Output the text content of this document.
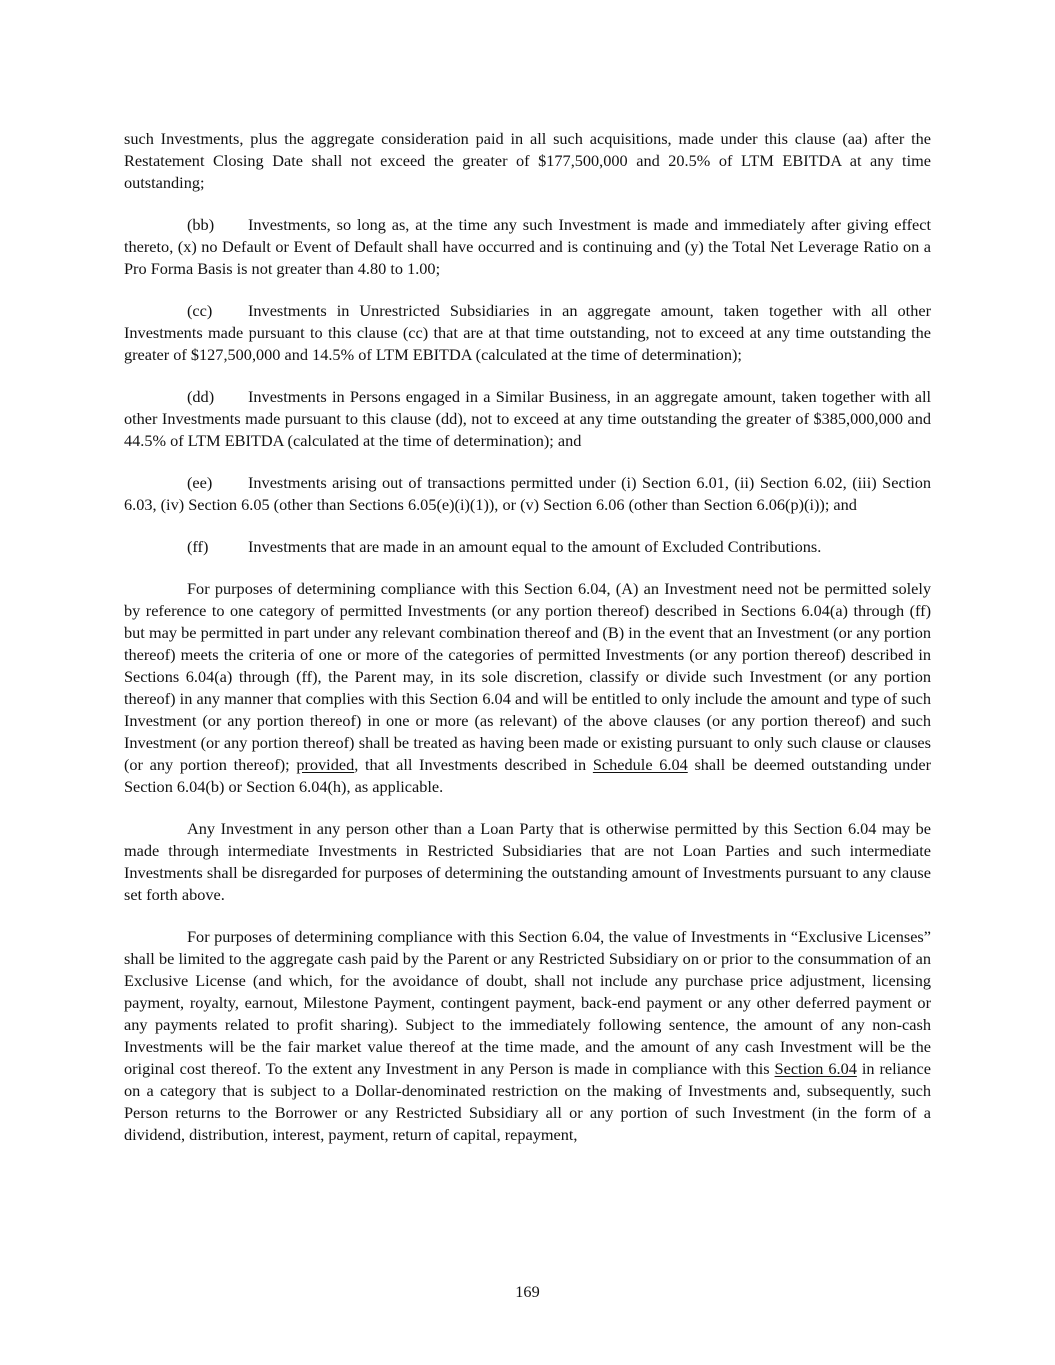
such Investments, plus the aggregate consideration paid in all such acquisitions, made under this clause (aa) after the Restatement Closing Date shall not exceed the greater of $177,500,000 and 20.5% of LTM EBITDA at any time outstanding;

(bb) Investments, so long as, at the time any such Investment is made and immediately after giving effect thereto, (x) no Default or Event of Default shall have occurred and is continuing and (y) the Total Net Leverage Ratio on a Pro Forma Basis is not greater than 4.80 to 1.00;

(cc) Investments in Unrestricted Subsidiaries in an aggregate amount, taken together with all other Investments made pursuant to this clause (cc) that are at that time outstanding, not to exceed at any time outstanding the greater of $127,500,000 and 14.5% of LTM EBITDA (calculated at the time of determination);

(dd) Investments in Persons engaged in a Similar Business, in an aggregate amount, taken together with all other Investments made pursuant to this clause (dd), not to exceed at any time outstanding the greater of $385,000,000 and 44.5% of LTM EBITDA (calculated at the time of determination); and

(ee) Investments arising out of transactions permitted under (i) Section 6.01, (ii) Section 6.02, (iii) Section 6.03, (iv) Section 6.05 (other than Sections 6.05(e)(i)(1)), or (v) Section 6.06 (other than Section 6.06(p)(i)); and

(ff) Investments that are made in an amount equal to the amount of Excluded Contributions.

For purposes of determining compliance with this Section 6.04, (A) an Investment need not be permitted solely by reference to one category of permitted Investments (or any portion thereof) described in Sections 6.04(a) through (ff) but may be permitted in part under any relevant combination thereof and (B) in the event that an Investment (or any portion thereof) meets the criteria of one or more of the categories of permitted Investments (or any portion thereof) described in Sections 6.04(a) through (ff), the Parent may, in its sole discretion, classify or divide such Investment (or any portion thereof) in any manner that complies with this Section 6.04 and will be entitled to only include the amount and type of such Investment (or any portion thereof) in one or more (as relevant) of the above clauses (or any portion thereof) and such Investment (or any portion thereof) shall be treated as having been made or existing pursuant to only such clause or clauses (or any portion thereof); provided, that all Investments described in Schedule 6.04 shall be deemed outstanding under Section 6.04(b) or Section 6.04(h), as applicable.

Any Investment in any person other than a Loan Party that is otherwise permitted by this Section 6.04 may be made through intermediate Investments in Restricted Subsidiaries that are not Loan Parties and such intermediate Investments shall be disregarded for purposes of determining the outstanding amount of Investments pursuant to any clause set forth above.

For purposes of determining compliance with this Section 6.04, the value of Investments in “Exclusive Licenses” shall be limited to the aggregate cash paid by the Parent or any Restricted Subsidiary on or prior to the consummation of an Exclusive License (and which, for the avoidance of doubt, shall not include any purchase price adjustment, licensing payment, royalty, earnout, Milestone Payment, contingent payment, back-end payment or any other deferred payment or any payments related to profit sharing). Subject to the immediately following sentence, the amount of any non-cash Investments will be the fair market value thereof at the time made, and the amount of any cash Investment will be the original cost thereof. To the extent any Investment in any Person is made in compliance with this Section 6.04 in reliance on a category that is subject to a Dollar-denominated restriction on the making of Investments and, subsequently, such Person returns to the Borrower or any Restricted Subsidiary all or any portion of such Investment (in the form of a dividend, distribution, interest, payment, return of capital, repayment,

169
